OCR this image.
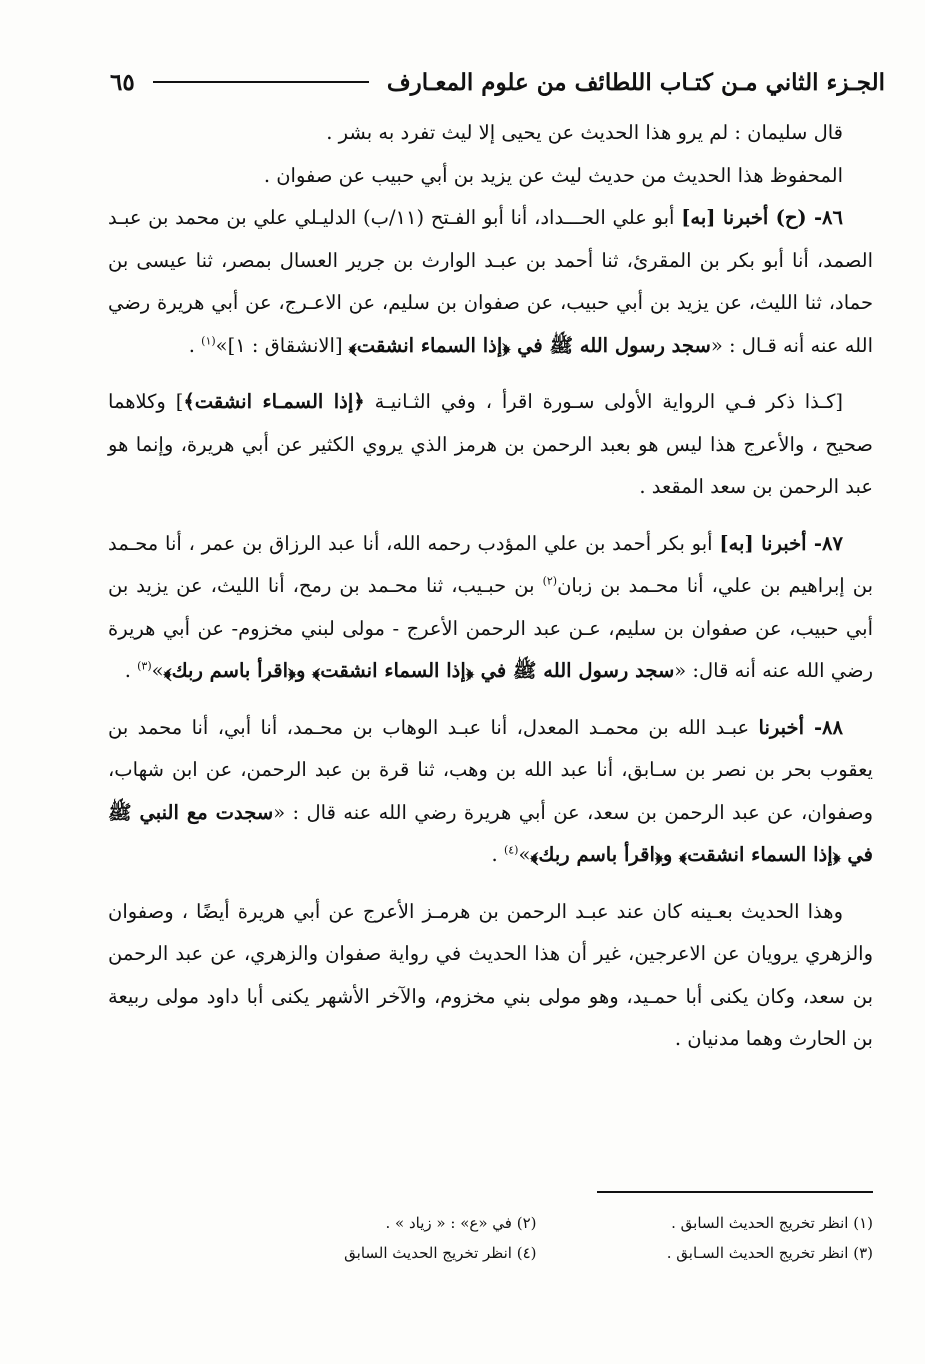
الجـزء الثاني مـن كتـاب اللطائف من علوم المعـارف
٦٥

قال سليمان : لم يرو هذا الحديث عن يحيى إلا ليث تفرد به بشر .

المحفوظ هذا الحديث من حديث ليث عن يزيد بن أبي حبيب عن صفوان .

٨٦- (ح) أخبرنا [به] أبو علي الحـــداد، أنا أبو الفـتح (١١/ب) الدليـلي علي بن محمد بن عبـد الصمد، أنا أبو بكر بن المقرئ، ثنا أحمد بن عبـد الوارث بن جرير العسال بمصر، ثنا عيسى بن حماد، ثنا الليث، عن يزيد بن أبي حبيب، عن صفوان بن سليم، عن الاعـرج، عن أبي هريرة رضي الله عنه أنه قـال : «سجد رسول الله ﷺ في ﴿إذا السماء انشقت﴾ [الانشقاق : ١]»$^{(١)}$ .

[كـذا ذكر فـي الرواية الأولى سـورة اقرأ ، وفي الثـانيـة ﴿إذا السمـاء انشقت﴾] وكلاهما صحيح ، والأعرج هذا ليس هو بعبد الرحمن بن هرمز الذي يروي الكثير عن أبي هريرة، وإنما هو عبد الرحمن بن سعد المقعد .

٨٧- أخبرنا [به] أبو بكر أحمد بن علي المؤدب رحمه الله، أنا عبد الرزاق بن عمر ، أنا محـمد بن إبراهيم بن علي، أنا محـمد بن زبان$^{(٢)}$ بن حبـيب، ثنا محـمد بن رمح، أنا الليث، عن يزيد بن أبي حبيب، عن صفوان بن سليم، عـن عبد الرحمن الأعرج - مولى لبني مخزوم- عن أبي هريرة رضي الله عنه أنه قال: «سجد رسول الله ﷺ في ﴿إذا السماء انشقت﴾ و﴿اقرأ باسم ربك﴾»$^{(٣)}$ .

٨٨- أخبرنا عبـد الله بن محمـد المعدل، أنا عبـد الوهاب بن محـمد، أنا أبي، أنا محمد بن يعقوب بحر بن نصر بن سـابق، أنا عبد الله بن وهب، ثنا قرة بن عبد الرحمن، عن ابن شهاب، وصفوان، عن عبد الرحمن بن سعد، عن أبي هريرة رضي الله عنه قال : «سجدت مع النبي ﷺ في ﴿إذا السماء انشقت﴾ و﴿اقرأ باسم ربك﴾»$^{(٤)}$ .

وهذا الحديث بعـينه كان عند عبـد الرحمن بن هرمـز الأعرج عن أبي هريرة أيضًا ، وصفوان والزهري يرويان عن الاعرجين، غير أن هذا الحديث في رواية صفوان والزهري، عن عبد الرحمن بن سعد، وكان يكنى أبا حمـيد، وهو مولى بني مخزوم، والآخر الأشهر يكنى أبا داود مولى ربيعة بن الحارث وهما مدنيان .

(١) انظر تخريج الحديث السابق .
(٢) في «ع» : « زياد » .
(٣) انظر تخريج الحديث السـابق .
(٤) انظر تخريج الحديث السابق
